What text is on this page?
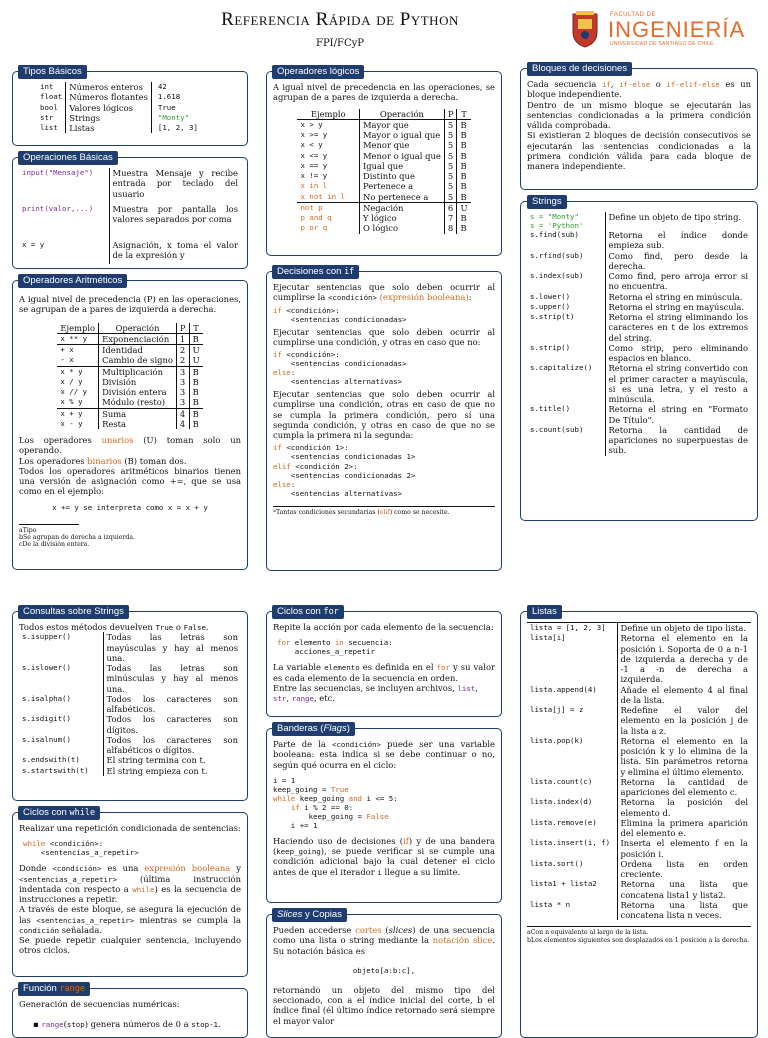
Referencia Rápida de Python
FPI/FCyP
FACULTAD DE
INGENIERÍA
UNIVERSIDAD DE SANTIAGO DE CHILE
Tipos Básicos
int	Números enteros	42
float	Números flotantes	1.618
bool	Valores lógicos	True
str	Strings	"Monty"
list	Listas	[1, 2, 3]
Operaciones Básicas
input("Mensaje")	Muestra Mensaje y recibe entrada por teclado del usuario
print(valor,...)	Muestra por pantalla los valores separados por coma
x = y	Asignación, x toma el valor de la expresión y
Operadores Aritméticos
A igual nivel de precedencia (P) en las operaciones, se agrupan de a pares de izquierda a derecha.
Ejemplo	Operación	P	T
x ** y	Exponenciación	1	B
+ x	Identidad	2	U
- x	Cambio de signo	2	U
x * y	Multiplicación	3	B
x / y	División	3	B
x // y	División entera	3	B
x % y	Módulo (resto)	3	B
x + y	Suma	4	B
x - y	Resta	4	B
Los operadores unarios (U) toman solo un operando.
Los operadores binarios (B) toman dos.
Todos los operadores aritméticos binarios tienen una versión de asignación como +=, que se usa como en el ejemplo:
x += y se interpreta como x = x + y
aTipo
bSe agrupan de derecha a izquierda.
cDe la división entera.
Operadores lógicos
A igual nivel de precedencia en las operaciones, se agrupan de a pares de izquierda a derecha.
Ejemplo	Operación	P	T
x > y	Mayor que	5	B
x >= y	Mayor o igual que	5	B
x < y	Menor que	5	B
x <= y	Menor o igual que	5	B
x == y	Igual que	5	B
x != y	Distinto que	5	B
x in l	Pertenece a	5	B
x not in l	No pertenece a	5	B
not p	Negación	6	U
p and q	Y lógico	7	B
p or q	O lógico	8	B
Decisiones con if
Ejecutar sentencias que solo deben ocurrir al cumplirse la <condición> (expresión booleana):
if <condición>:
<sentencias condicionadas>
Ejecutar sentencias que solo deben ocurrir al cumplirse una condición, y otras en caso que no:
if <condición>:
<sentencias condicionadas>
else:
<sentencias alternativas>
Ejecutar sentencias que solo deben ocurrir al cumplirse una condición, otras en caso de que no se cumpla la primera condición, pero sí una segunda condición, y otras en caso de que no se cumpla la primera ni la segunda:
if <condición 1>:
<sentencias condicionadas 1>
elif <condición 2>:
<sentencias condicionadas 2>
else:
<sentencias alternativas>
ªTantas condiciones secundarias (elif) como se necesite.
Bloques de decisiones
Cada secuencia if, if-else o if-elif-else es un bloque independiente.
Dentro de un mismo bloque se ejecutarán las sentencias condicionadas a la primera condición válida comprobada.
Si existieran 2 bloques de decisión consecutivos se ejecutarán las sentencias condicionadas a la primera condición válida para cada bloque de manera independiente.
Strings
s = "Monty"
s = 'Python'	Define un objeto de tipo string.
s.find(sub)	Retorna el índice donde empieza sub.
s.rfind(sub)	Como find, pero desde la derecha.
s.index(sub)	Como find, pero arroja error si no encuentra.
s.lower()	Retorna el string en minúscula.
s.upper()	Retorna el string en mayúscula.
s.strip(t)	Retorna el string eliminando los caracteres en t de los extremos del string.
s.strip()	Como strip, pero eliminando espacios en blanco.
s.capitalize()	Retorna el string convertido con el primer caracter a mayúscula, si es una letra, y el resto a minúscula.
s.title()	Retorna el string en "Formato De Título".
s.count(sub)	Retorna la cantidad de apariciones no superpuestas de sub.
Consultas sobre Strings
Todos estos métodos devuelven True o False.
s.isupper()	Todas las letras son mayúsculas y hay al menos una.
s.islower()	Todas las letras son minúsculas y hay al menos una.
s.isalpha()	Todos los caracteres son alfabéticos.
s.isdigit()	Todos los caracteres son dígitos.
s.isalnum()	Todos los caracteres son alfabéticos o dígitos.
s.endswith(t)	El string termina con t.
s.startswith(t)	El string empieza con t.
Ciclos con while
Realizar una repetición condicionada de sentencias:
while <condición>:
<sentencias_a_repetir>
Donde <condición> es una expresión booleana y <sentencias_a_repetir> (última instrucción indentada con respecto a while) es la secuencia de instrucciones a repetir.
A través de este bloque, se asegura la ejecución de las <sentencias_a_repetir> mientras se cumpla la condición señalada.
Se puede repetir cualquier sentencia, incluyendo otros ciclos.
Función range
Generación de secuencias numéricas:
▪ range(stop) genera números de 0 a stop-1.
Ciclos con for
Repite la acción por cada elemento de la secuencia:
for elemento in secuencia:
acciones_a_repetir
La variable elemento es definida en el for y su valor es cada elemento de la secuencia en orden.
Entre las secuencias, se incluyen archivos, list, str, range, etc.
Banderas (Flags)
Parte de la <condición> puede ser una variable booleana: esta indica si se debe continuar o no, según qué ocurra en el ciclo:
i = 1
keep_going = True
while keep_going and i <= 5:
if i % 2 == 0:
keep_going = False
i += 1
Haciendo uso de decisiones (if) y de una bandera (keep_going), se puede verificar si se cumple una condición adicional bajo la cual detener el ciclo antes de que el iterador i llegue a su límite.
Slices y Copias
Pueden accederse cortes (slices) de una secuencia como una lista o string mediante la notación slice. Su notación básica es
objeto[a:b:c],
retornando un objeto del mismo tipo del seccionado, con a el índice inicial del corte, b el índice final (él último índice retornado será siempre el mayor valor
Listas
lista = [1, 2, 3]	Define un objeto de tipo lista.
lista[i]	Retorna el elemento en la posición i. Soporta de 0 a n-1 de izquierda a derecha y de -1 a -n de derecha a izquierda.
lista.append(4)	Añade el elemento 4 al final de la lista.
lista[j] = z	Redefine el valor del elemento en la posición j de la lista a z.
lista.pop(k)	Retorna el elemento en la posición k y lo elimina de la lista. Sin parámetros retorna y elimina el último elemento.
lista.count(c)	Retorna la cantidad de apariciones del elemento c.
lista.index(d)	Retorna la posición del elemento d.
lista.remove(e)	Elimina la primera aparición del elemento e.
lista.insert(i, f)	Inserta el elemento f en la posición i.
lista.sort()	Ordena lista en orden creciente.
lista1 + lista2	Retorna una lista que concatena lista1 y lista2.
lista * n	Retorna una lista que concatena lista n veces.
aCon n equivalente al largo de la lista.
bLos elementos siguientes son desplazados en 1 posición a la derecha.
